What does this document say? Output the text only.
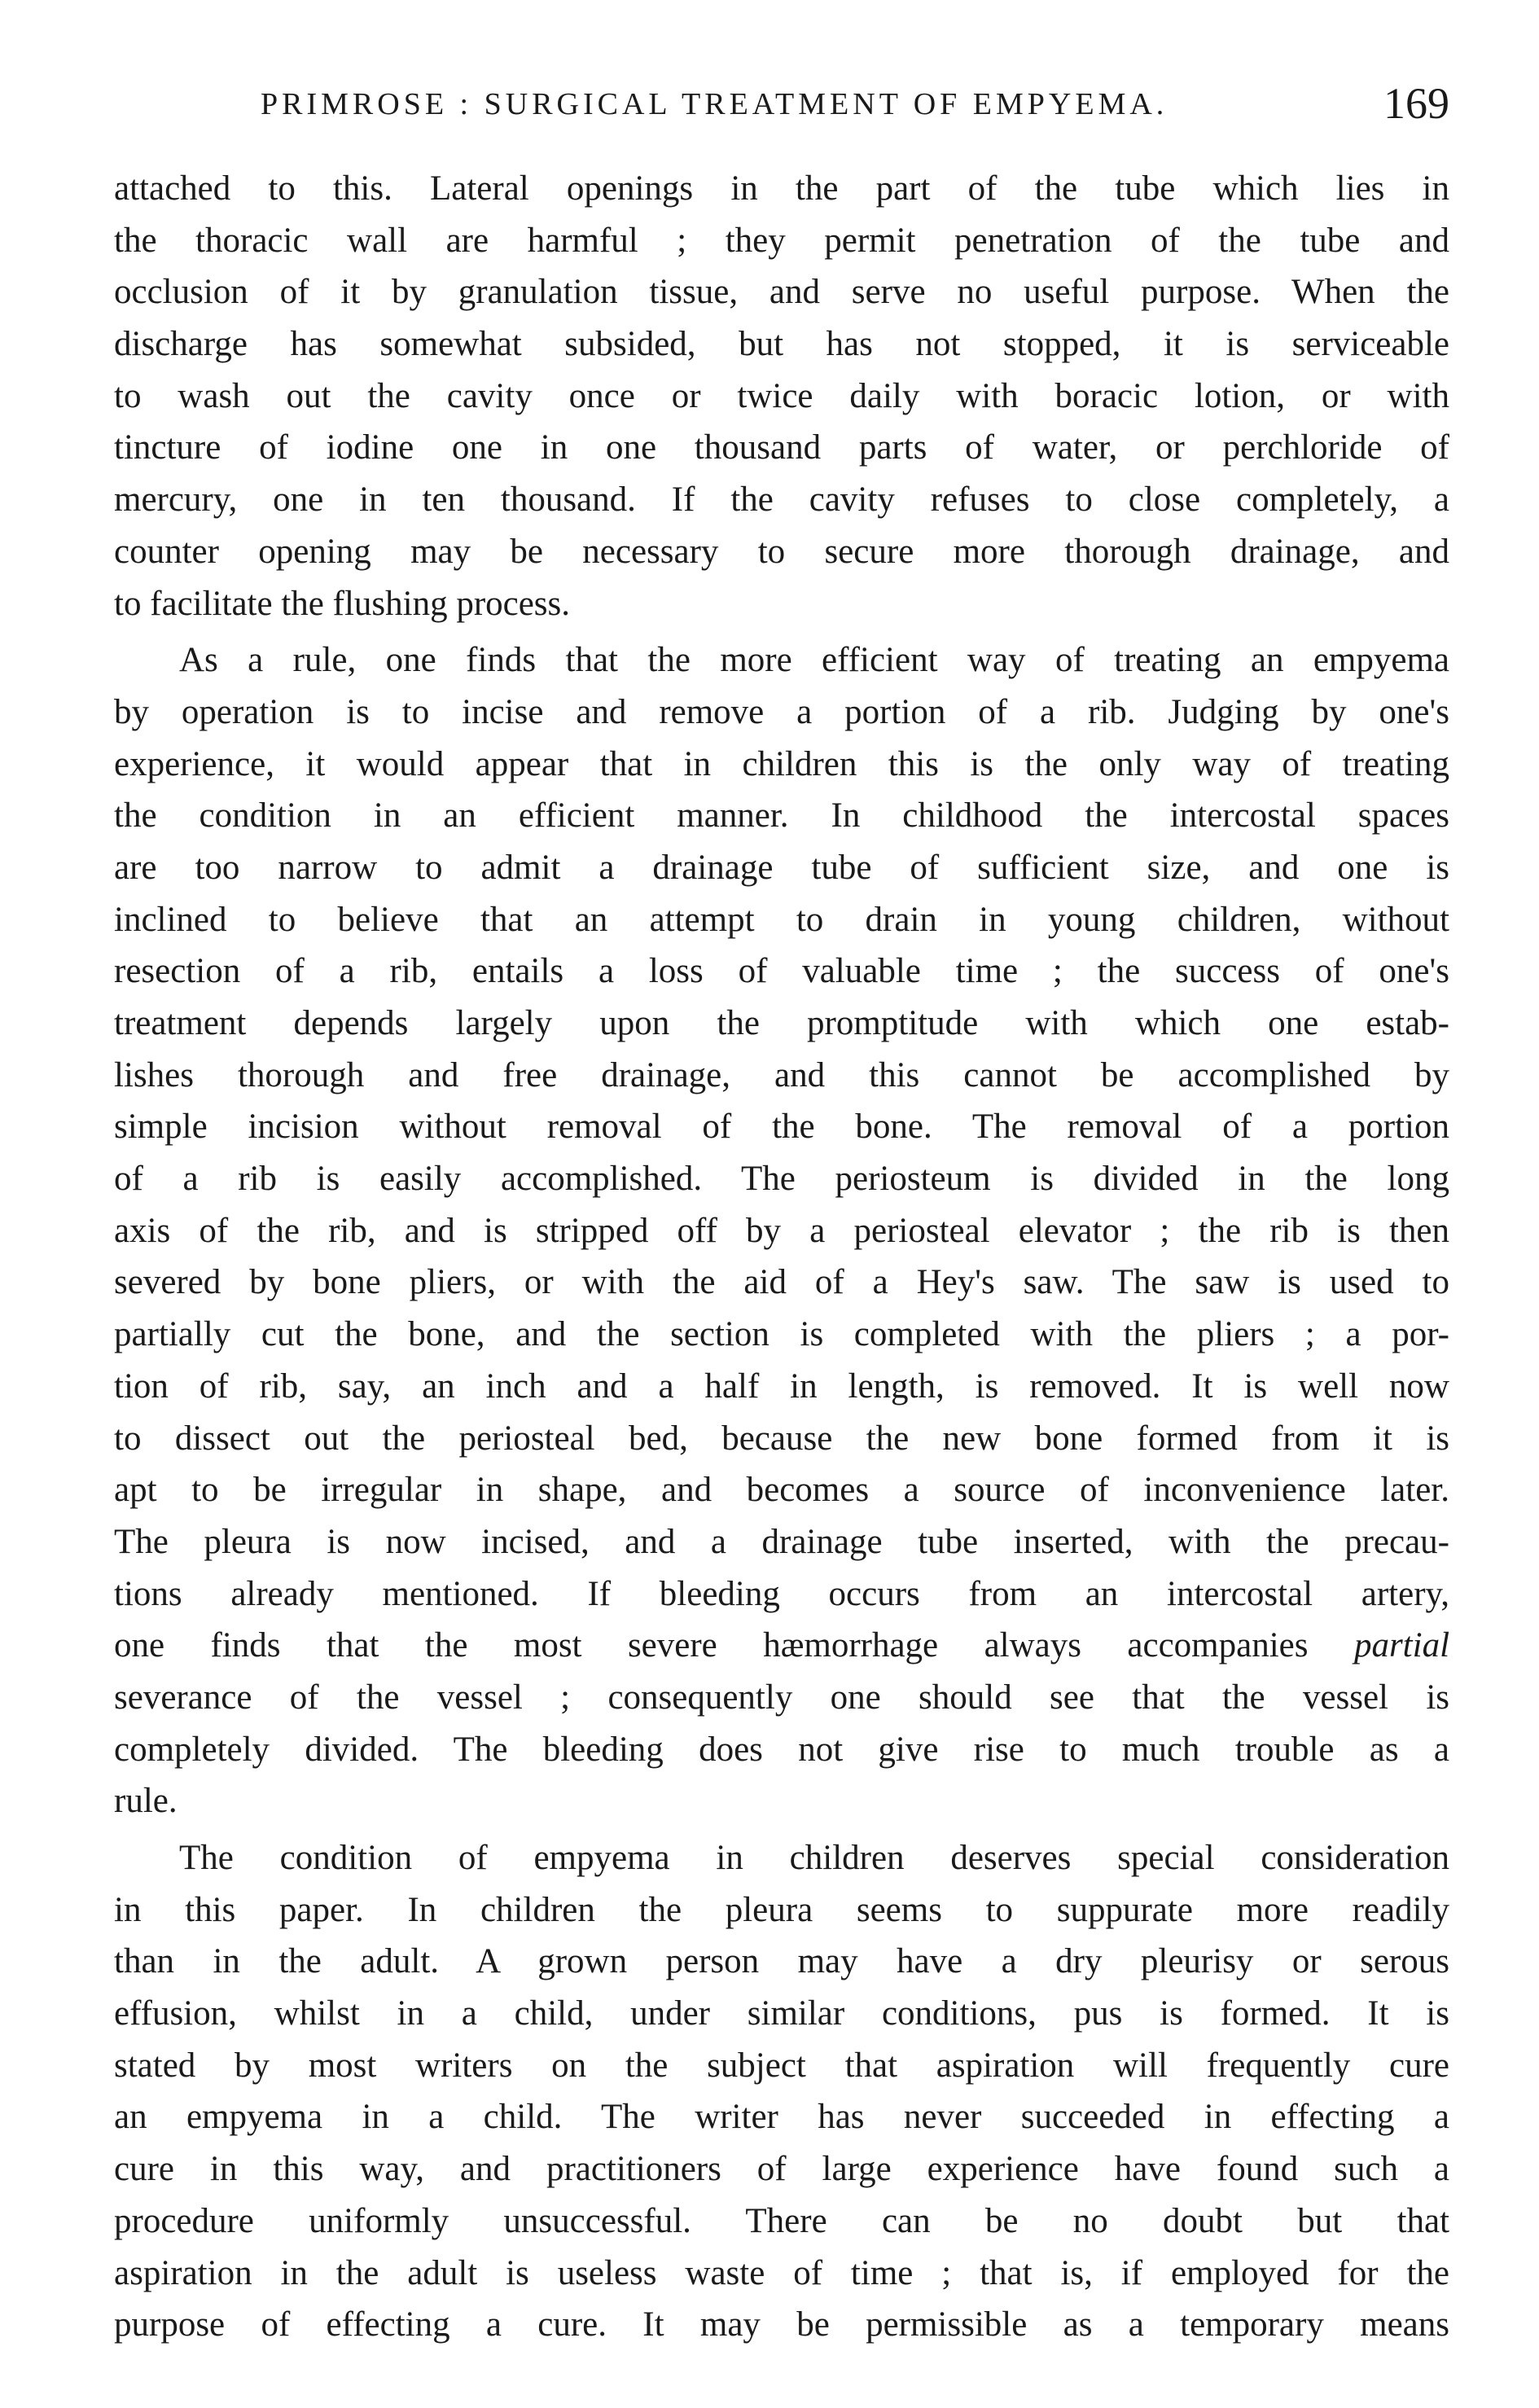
PRIMROSE : SURGICAL TREATMENT OF EMPYEMA.	169
attached to this. Lateral openings in the part of the tube which lies in
the thoracic wall are harmful ; they permit penetration of the tube and
occlusion of it by granulation tissue, and serve no useful purpose. When the
discharge has somewhat subsided, but has not stopped, it is serviceable
to wash out the cavity once or twice daily with boracic lotion, or with
tincture of iodine one in one thousand parts of water, or perchloride of
mercury, one in ten thousand. If the cavity refuses to close completely, a
counter opening may be necessary to secure more thorough drainage, and
to facilitate the flushing process.
As a rule, one finds that the more efficient way of treating an empyema
by operation is to incise and remove a portion of a rib. Judging by one's
experience, it would appear that in children this is the only way of treating
the condition in an efficient manner. In childhood the intercostal spaces
are too narrow to admit a drainage tube of sufficient size, and one is
inclined to believe that an attempt to drain in young children, without
resection of a rib, entails a loss of valuable time ; the success of one's
treatment depends largely upon the promptitude with which one estab-
lishes thorough and free drainage, and this cannot be accomplished by
simple incision without removal of the bone. The removal of a portion
of a rib is easily accomplished. The periosteum is divided in the long
axis of the rib, and is stripped off by a periosteal elevator ; the rib is then
severed by bone pliers, or with the aid of a Hey's saw. The saw is used to
partially cut the bone, and the section is completed with the pliers ; a por-
tion of rib, say, an inch and a half in length, is removed. It is well now
to dissect out the periosteal bed, because the new bone formed from it is
apt to be irregular in shape, and becomes a source of inconvenience later.
The pleura is now incised, and a drainage tube inserted, with the precau-
tions already mentioned. If bleeding occurs from an intercostal artery,
one finds that the most severe hæmorrhage always accompanies partial
severance of the vessel ; consequently one should see that the vessel is
completely divided. The bleeding does not give rise to much trouble as a
rule.
The condition of empyema in children deserves special consideration
in this paper. In children the pleura seems to suppurate more readily
than in the adult. A grown person may have a dry pleurisy or serous
effusion, whilst in a child, under similar conditions, pus is formed. It is
stated by most writers on the subject that aspiration will frequently cure
an empyema in a child. The writer has never succeeded in effecting a
cure in this way, and practitioners of large experience have found such a
procedure uniformly unsuccessful. There can be no doubt but that
aspiration in the adult is useless waste of time ; that is, if employed for the
purpose of effecting a cure. It may be permissible as a temporary means
